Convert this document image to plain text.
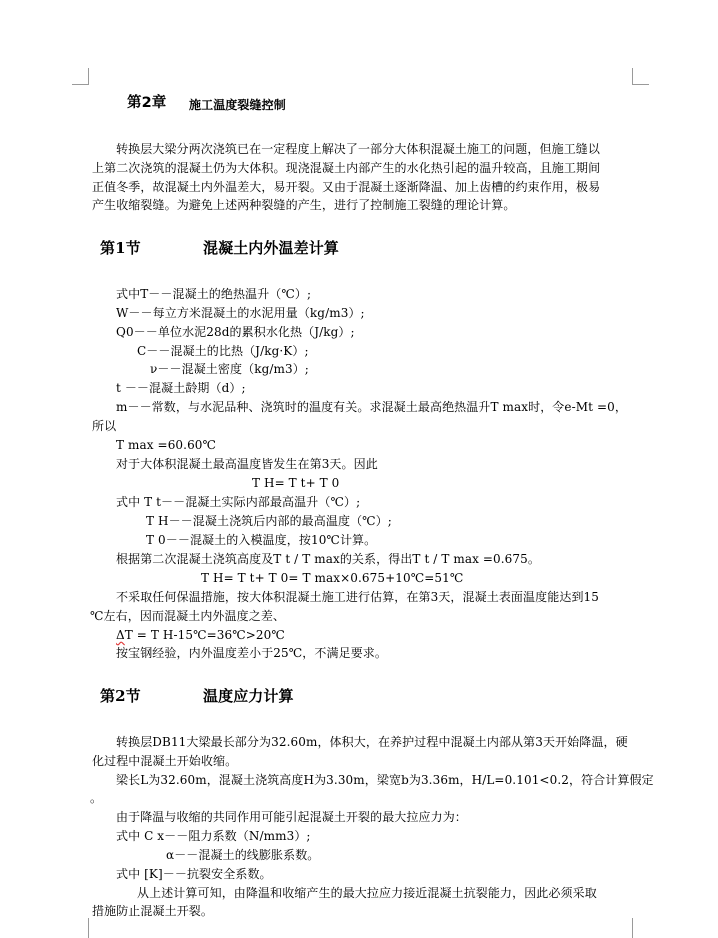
第2章 施工温度裂缝控制
转换层大梁分两次浇筑已在一定程度上解决了一部分大体积混凝土施工的问题，但施工缝以
上第二次浇筑的混凝土仍为大体积。现浇混凝土内部产生的水化热引起的温升较高，且施工期间
正值冬季，故混凝土内外温差大，易开裂。又由于混凝土逐渐降温、加上齿槽的约束作用，极易
产生收缩裂缝。为避免上述两种裂缝的产生，进行了控制施工裂缝的理论计算。
第1节	混凝土内外温差计算
式中T－－混凝土的绝热温升（℃）;
W－－每立方米混凝土的水泥用量（kg/m3）;
Q0－－单位水泥28d的累积水化热（J/kg）;
C－－混凝土的比热（J/kg·K）;
ν－－混凝土密度（kg/m3）;
t －－混凝土龄期（d）;
m－－常数，与水泥品种、浇筑时的温度有关。求混凝土最高绝热温升T max时，令e-Mt =0，
所以
T max =60.60℃
对于大体积混凝土最高温度皆发生在第3天。因此
T H= T t+ T 0
式中 T t－－混凝土实际内部最高温升（℃）;
T H－－混凝土浇筑后内部的最高温度（℃）;
T 0－－混凝土的入模温度，按10℃计算。
根据第二次混凝土浇筑高度及T t / T max的关系，得出T t / T max =0.675。
T H= T t+ T 0= T max×0.675+10℃=51℃
不采取任何保温措施，按大体积混凝土施工进行估算，在第3天，混凝土表面温度能达到15
℃左右，因而混凝土内外温度之差、
ΔT = T H-15℃=36℃>20℃
按宝钢经验，内外温度差小于25℃，不满足要求。
第2节	温度应力计算
转换层DB11大梁最长部分为32.60m，体积大，在养护过程中混凝土内部从第3天开始降温，硬
化过程中混凝土开始收缩。
梁长L为32.60m，混凝土浇筑高度H为3.30m，梁宽b为3.36m，H/L=0.101<0.2，符合计算假定
。
由于降温与收缩的共同作用可能引起混凝土开裂的最大拉应力为：
式中 C x－－阻力系数（N/mm3）;
α－－混凝土的线膨胀系数。
式中 [K]－－抗裂安全系数。
从上述计算可知，由降温和收缩产生的最大拉应力接近混凝土抗裂能力，因此必须采取
措施防止混凝土开裂。
